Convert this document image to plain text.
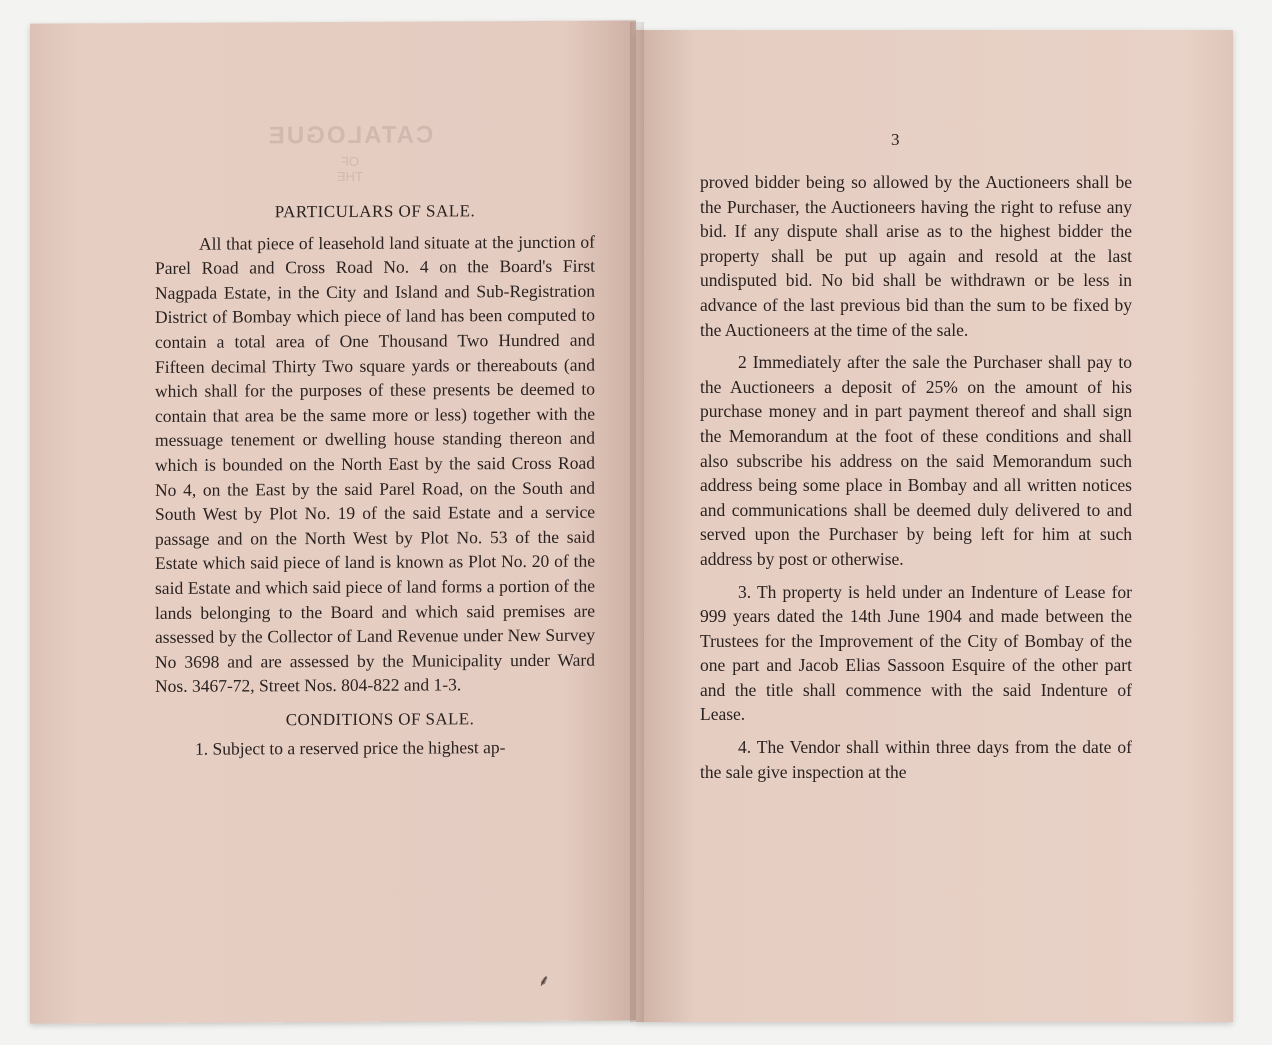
CATALOGUE
OF THE

PARTICULARS OF SALE.

All that piece of leasehold land situate at the junction of Parel Road and Cross Road No. 4 on the Board's First Nagpada Estate, in the City and Island and Sub-Registration District of Bombay which piece of land has been computed to contain a total area of One Thousand Two Hundred and Fifteen decimal Thirty Two square yards or thereabouts (and which shall for the purposes of these presents be deemed to contain that area be the same more or less) together with the messuage tenement or dwelling house standing thereon and which is bounded on the North East by the said Cross Road No 4, on the East by the said Parel Road, on the South and South West by Plot No. 19 of the said Estate and a service passage and on the North West by Plot No. 53 of the said Estate which said piece of land is known as Plot No. 20 of the said Estate and which said piece of land forms a portion of the lands belonging to the Board and which said premises are assessed by the Collector of Land Revenue under New Survey No 3698 and are assessed by the Municipality under Ward Nos. 3467-72, Street Nos. 804-822 and 1-3.

CONDITIONS OF SALE.

1. Subject to a reserved price the highest ap-

⸙
3

proved bidder being so allowed by the Auctioneers shall be the Purchaser, the Auctioneers having the right to refuse any bid. If any dispute shall arise as to the highest bidder the property shall be put up again and resold at the last undisputed bid. No bid shall be withdrawn or be less in advance of the last previous bid than the sum to be fixed by the Auctioneers at the time of the sale.

2 Immediately after the sale the Purchaser shall pay to the Auctioneers a deposit of 25% on the amount of his purchase money and in part payment thereof and shall sign the Memorandum at the foot of these conditions and shall also subscribe his address on the said Memorandum such address being some place in Bombay and all written notices and communications shall be deemed duly delivered to and served upon the Purchaser by being left for him at such address by post or otherwise.

3. Th property is held under an Indenture of Lease for 999 years dated the 14th June 1904 and made between the Trustees for the Improvement of the City of Bombay of the one part and Jacob Elias Sassoon Esquire of the other part and the title shall commence with the said Indenture of Lease.

4. The Vendor shall within three days from the date of the sale give inspection at the
